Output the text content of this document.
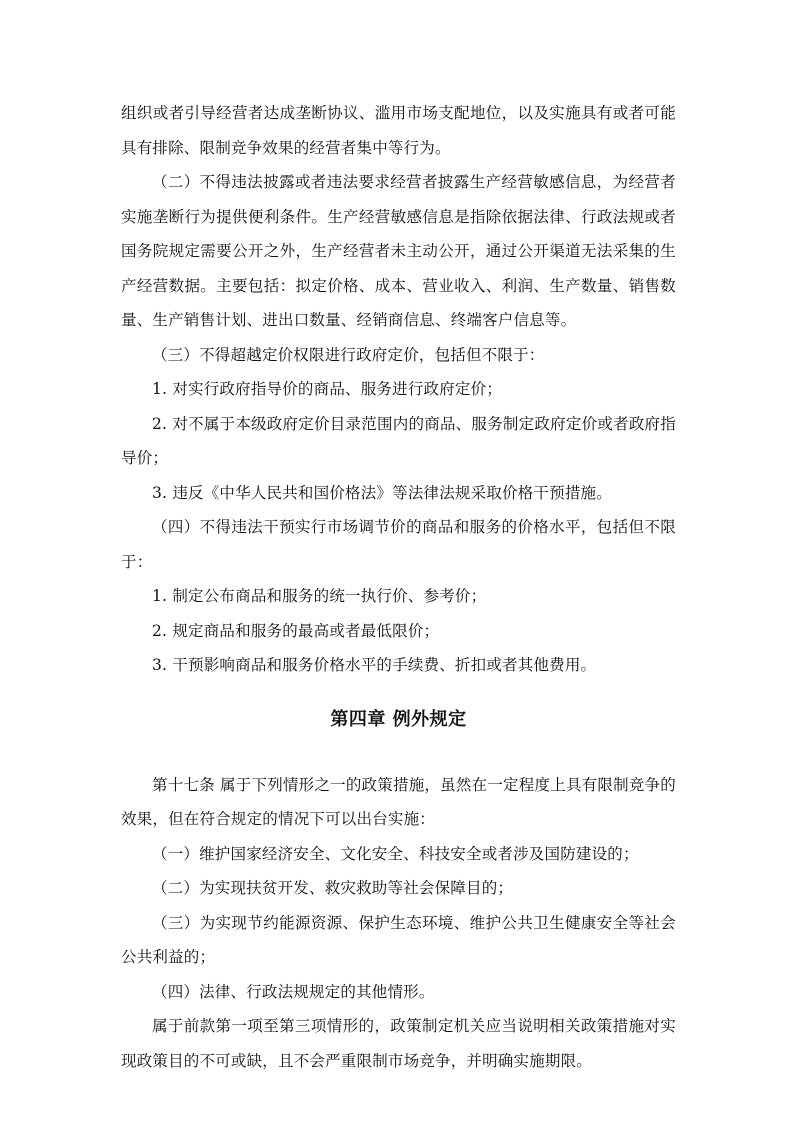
组织或者引导经营者达成垄断协议、滥用市场支配地位，以及实施具有或者可能具有排除、限制竞争效果的经营者集中等行为。

（二）不得违法披露或者违法要求经营者披露生产经营敏感信息，为经营者实施垄断行为提供便利条件。生产经营敏感信息是指除依据法律、行政法规或者国务院规定需要公开之外，生产经营者未主动公开，通过公开渠道无法采集的生产经营数据。主要包括：拟定价格、成本、营业收入、利润、生产数量、销售数量、生产销售计划、进出口数量、经销商信息、终端客户信息等。

（三）不得超越定价权限进行政府定价，包括但不限于：

1. 对实行政府指导价的商品、服务进行政府定价；

2. 对不属于本级政府定价目录范围内的商品、服务制定政府定价或者政府指导价；

3. 违反《中华人民共和国价格法》等法律法规采取价格干预措施。

（四）不得违法干预实行市场调节价的商品和服务的价格水平，包括但不限于：

1. 制定公布商品和服务的统一执行价、参考价；

2. 规定商品和服务的最高或者最低限价；

3. 干预影响商品和服务价格水平的手续费、折扣或者其他费用。

第四章 例外规定

第十七条 属于下列情形之一的政策措施，虽然在一定程度上具有限制竞争的效果，但在符合规定的情况下可以出台实施：

（一）维护国家经济安全、文化安全、科技安全或者涉及国防建设的；

（二）为实现扶贫开发、救灾救助等社会保障目的；

（三）为实现节约能源资源、保护生态环境、维护公共卫生健康安全等社会公共利益的；

（四）法律、行政法规规定的其他情形。

属于前款第一项至第三项情形的，政策制定机关应当说明相关政策措施对实现政策目的不可或缺，且不会严重限制市场竞争，并明确实施期限。
